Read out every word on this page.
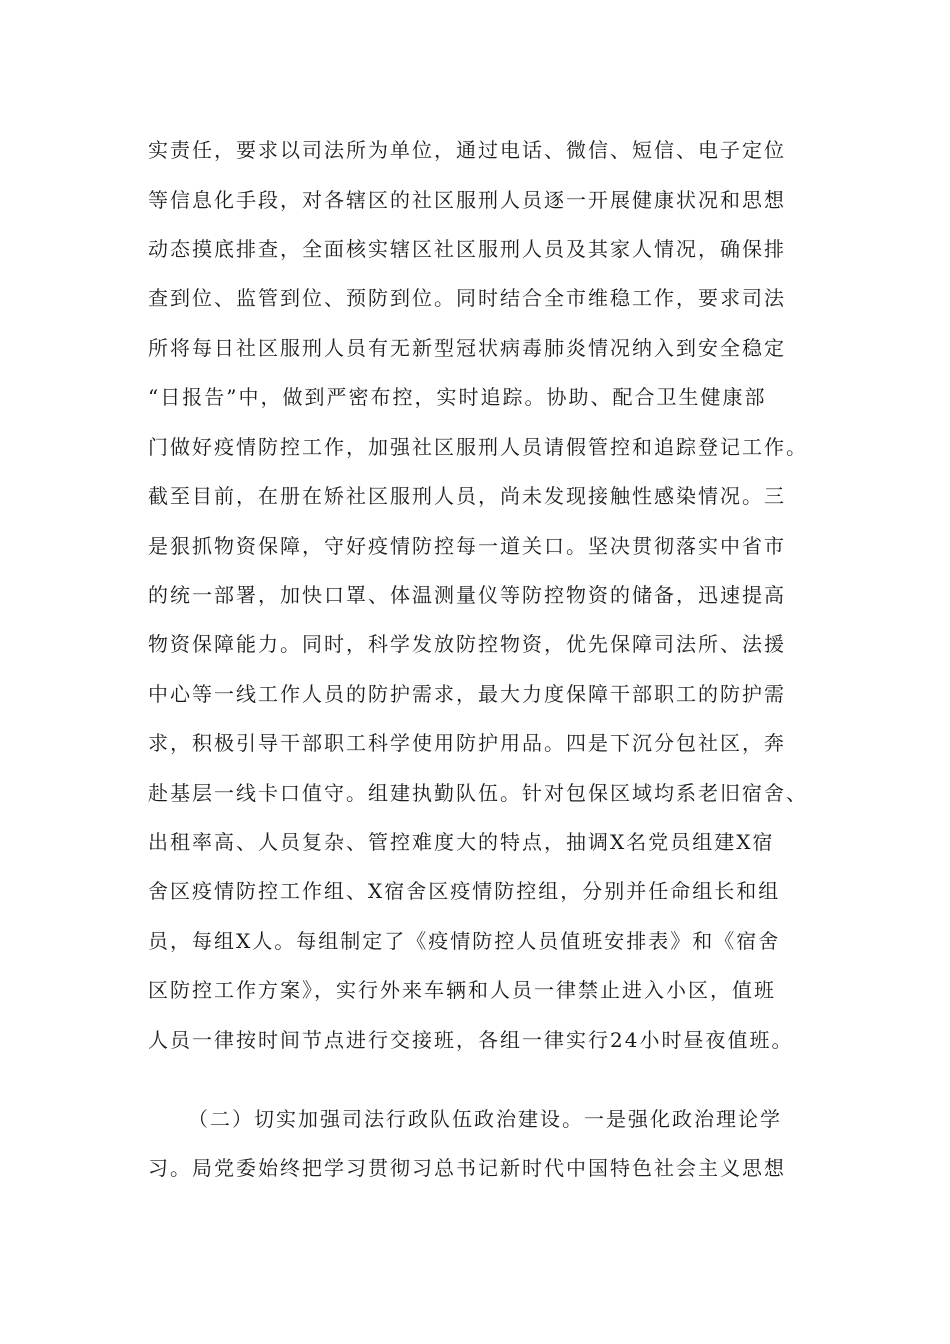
实责任，要求以司法所为单位，通过电话、微信、短信、电子定位
等信息化手段，对各辖区的社区服刑人员逐一开展健康状况和思想
动态摸底排查，全面核实辖区社区服刑人员及其家人情况，确保排
查到位、监管到位、预防到位。同时结合全市维稳工作，要求司法
所将每日社区服刑人员有无新型冠状病毒肺炎情况纳入到安全稳定
“日报告”中，做到严密布控，实时追踪。协助、配合卫生健康部
门做好疫情防控工作，加强社区服刑人员请假管控和追踪登记工作。
截至目前，在册在矫社区服刑人员，尚未发现接触性感染情况。三
是狠抓物资保障，守好疫情防控每一道关口。坚决贯彻落实中省市
的统一部署，加快口罩、体温测量仪等防控物资的储备，迅速提高
物资保障能力。同时，科学发放防控物资，优先保障司法所、法援
中心等一线工作人员的防护需求，最大力度保障干部职工的防护需
求，积极引导干部职工科学使用防护用品。四是下沉分包社区，奔
赴基层一线卡口值守。组建执勤队伍。针对包保区域均系老旧宿舍、
出租率高、人员复杂、管控难度大的特点，抽调X名党员组建X宿
舍区疫情防控工作组、X宿舍区疫情防控组，分别并任命组长和组
员，每组X人。每组制定了《疫情防控人员值班安排表》和《宿舍
区防控工作方案》，实行外来车辆和人员一律禁止进入小区，值班
人员一律按时间节点进行交接班，各组一律实行24小时昼夜值班。
（二）切实加强司法行政队伍政治建设。一是强化政治理论学
习。局党委始终把学习贯彻习总书记新时代中国特色社会主义思想
